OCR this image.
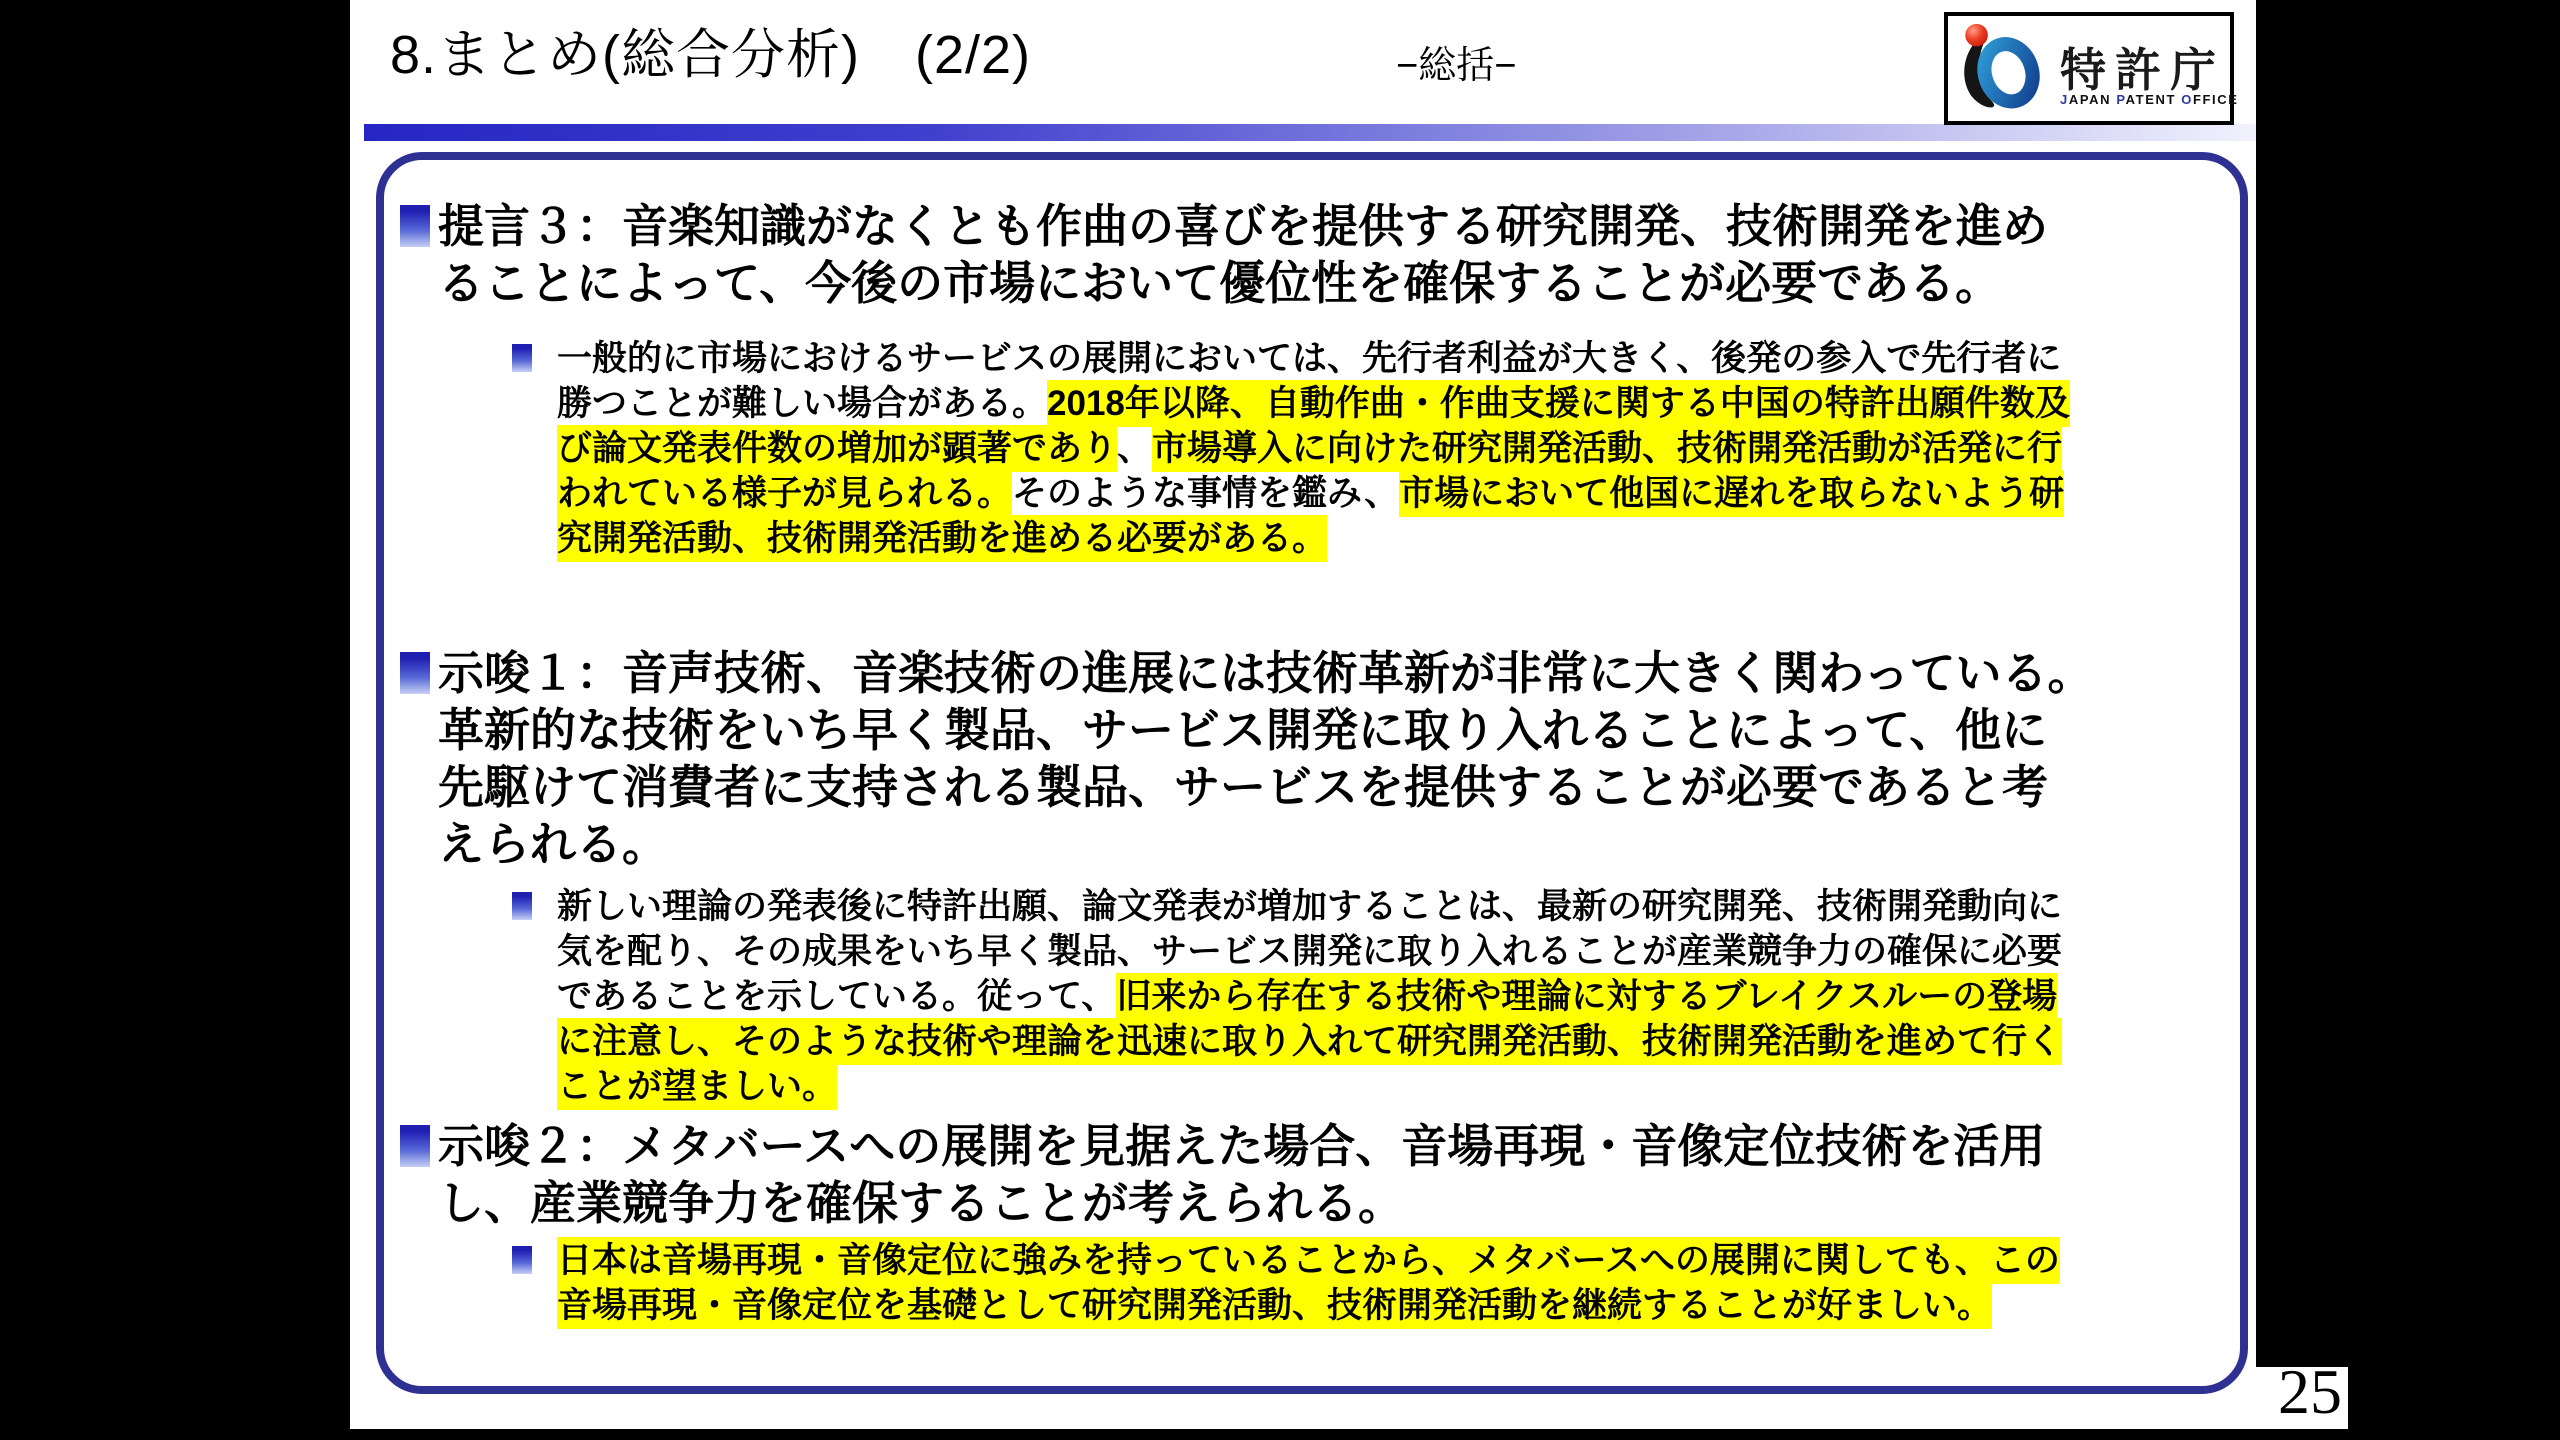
8.まとめ(総合分析)　(2/2)	−総括−	特許庁
JAPAN PATENT OFFICE
提言３：音楽知識がなくとも作曲の喜びを提供する研究開発、技術開発を進め
ることによって、今後の市場において優位性を確保することが必要である。
一般的に市場におけるサービスの展開においては、先行者利益が大きく、後発の参入で先行者に
勝つことが難しい場合がある。2018年以降、自動作曲・作曲支援に関する中国の特許出願件数及
び論文発表件数の増加が顕著であり、市場導入に向けた研究開発活動、技術開発活動が活発に行
われている様子が見られる。そのような事情を鑑み、市場において他国に遅れを取らないよう研
究開発活動、技術開発活動を進める必要がある。
示唆１：音声技術、音楽技術の進展には技術革新が非常に大きく関わっている。
革新的な技術をいち早く製品、サービス開発に取り入れることによって、他に
先駆けて消費者に支持される製品、サービスを提供することが必要であると考
えられる。
新しい理論の発表後に特許出願、論文発表が増加することは、最新の研究開発、技術開発動向に
気を配り、その成果をいち早く製品、サービス開発に取り入れることが産業競争力の確保に必要
であることを示している。従って、旧来から存在する技術や理論に対するブレイクスルーの登場
に注意し、そのような技術や理論を迅速に取り入れて研究開発活動、技術開発活動を進めて行く
ことが望ましい。
示唆２：メタバースへの展開を見据えた場合、音場再現・音像定位技術を活用
し、産業競争力を確保することが考えられる。
日本は音場再現・音像定位に強みを持っていることから、メタバースへの展開に関しても、この
音場再現・音像定位を基礎として研究開発活動、技術開発活動を継続することが好ましい。
25
